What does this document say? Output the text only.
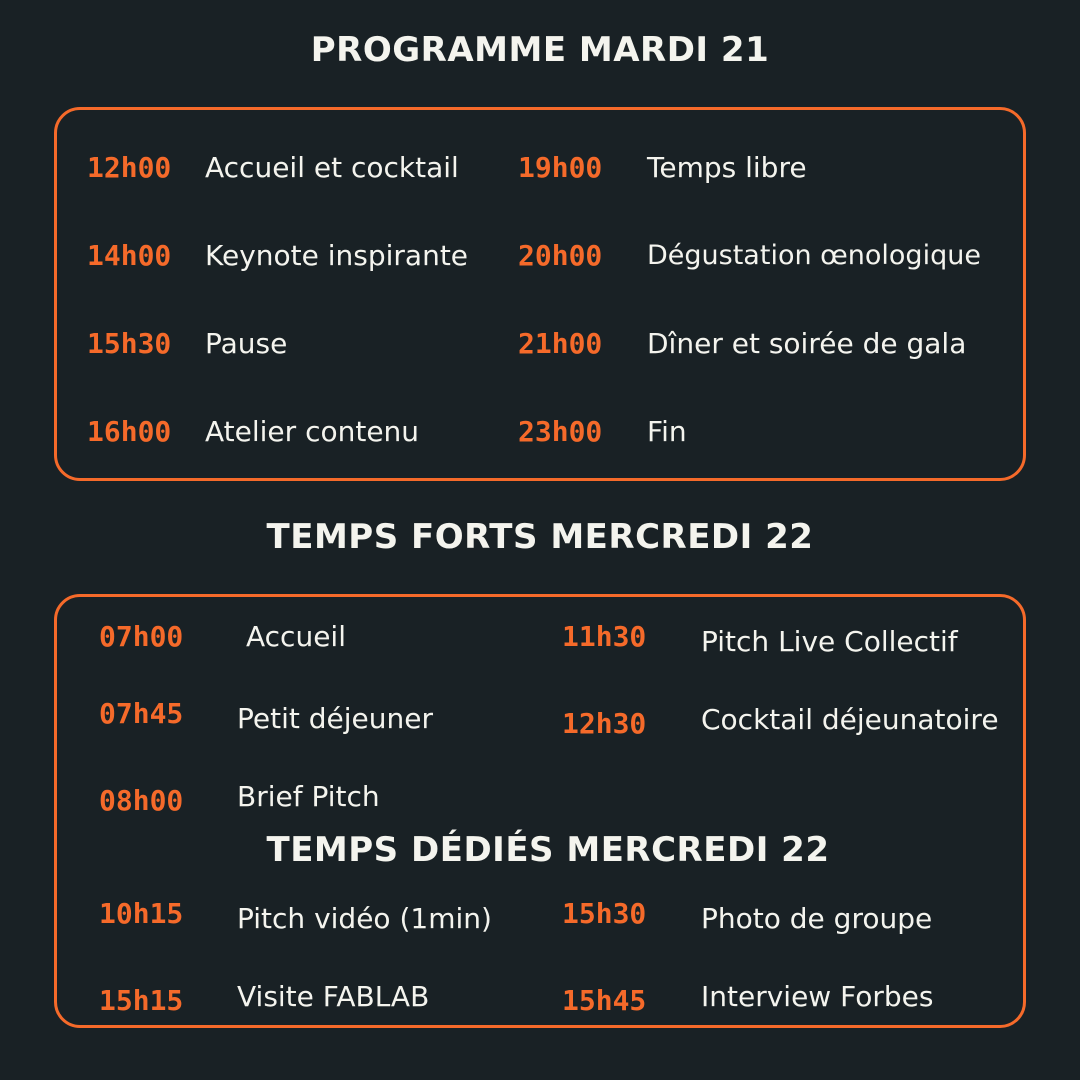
PROGRAMME MARDI 21
12h00 Accueil et cocktail
14h00 Keynote inspirante
15h30 Pause
16h00 Atelier contenu
19h00 Temps libre
20h00 Dégustation œnologique
21h00 Dîner et soirée de gala
23h00 Fin
TEMPS FORTS MERCREDI 22
07h00 Accueil
07h45 Petit déjeuner
08h00 Brief Pitch
11h30 Pitch Live Collectif
12h30 Cocktail déjeunatoire
TEMPS DÉDIÉS MERCREDI 22
10h15 Pitch vidéo (1min)
15h15 Visite FABLAB
15h30 Photo de groupe
15h45 Interview Forbes
